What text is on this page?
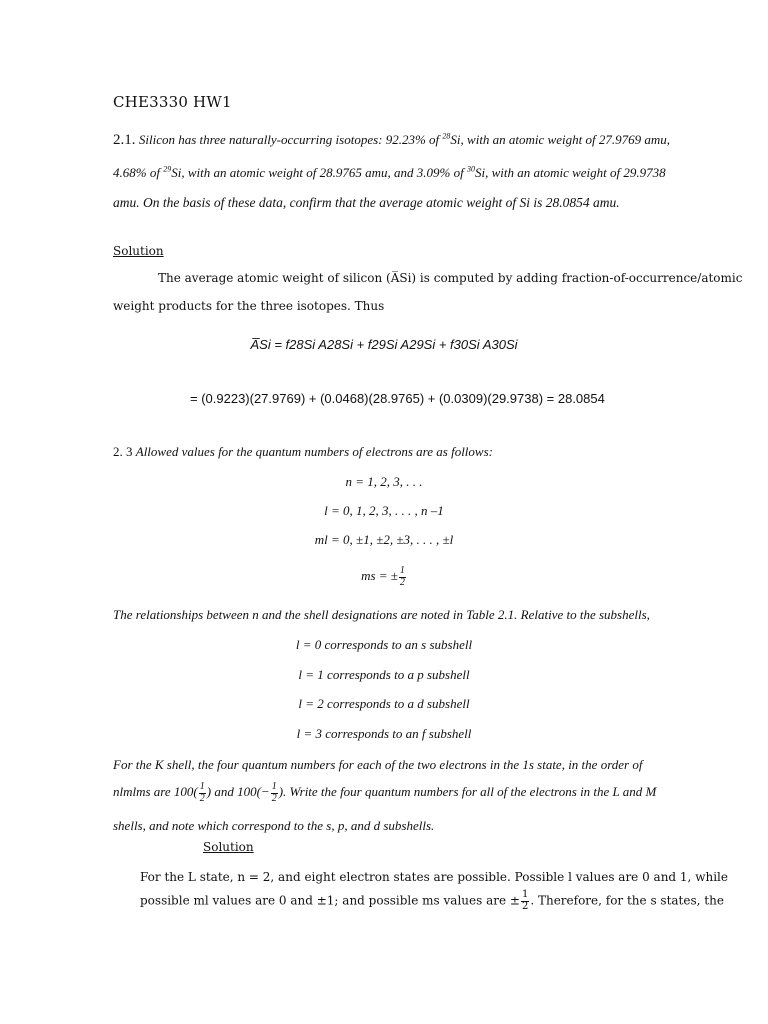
CHE3330 HW1
2.1. Silicon has three naturally-occurring isotopes: 92.23% of $^{28}$Si, with an atomic weight of 27.9769 amu,
4.68% of $^{29}$Si, with an atomic weight of 28.9765 amu, and 3.09% of $^{30}$Si, with an atomic weight of 29.9738
amu. On the basis of these data, confirm that the average atomic weight of Si is 28.0854 amu.
Solution
The average atomic weight of silicon (A̅Si) is computed by adding fraction-of-occurrence/atomic
weight products for the three isotopes. Thus
A̅Si = f28Si A28Si + f29Si A29Si + f30Si A30Si
= (0.9223)(27.9769) + (0.0468)(28.9765) + (0.0309)(29.9738) = 28.0854
2. 3 Allowed values for the quantum numbers of electrons are as follows:
n = 1, 2, 3, . . .
l = 0, 1, 2, 3, . . . , n –1
ml = 0, ±1, ±2, ±3, . . . , ±l
ms = ± $\frac{1}{2}$
The relationships between n and the shell designations are noted in Table 2.1. Relative to the subshells,
l = 0 corresponds to an s subshell
l = 1 corresponds to a p subshell
l = 2 corresponds to a d subshell
l = 3 corresponds to an f subshell
For the K shell, the four quantum numbers for each of the two electrons in the 1s state, in the order of
nlmlms are $100( \frac{1}{2}$ ) and $100(- \frac{1}{2}$ ). Write the four quantum numbers for all of the electrons in the L and M
shells, and note which correspond to the s, p, and d subshells.
Solution
For the L state, n = 2, and eight electron states are possible. Possible l values are 0 and 1, while
possible ml values are 0 and ±1; and possible ms values are ± $\frac{1}{2}$ . Therefore, for the s states, the
